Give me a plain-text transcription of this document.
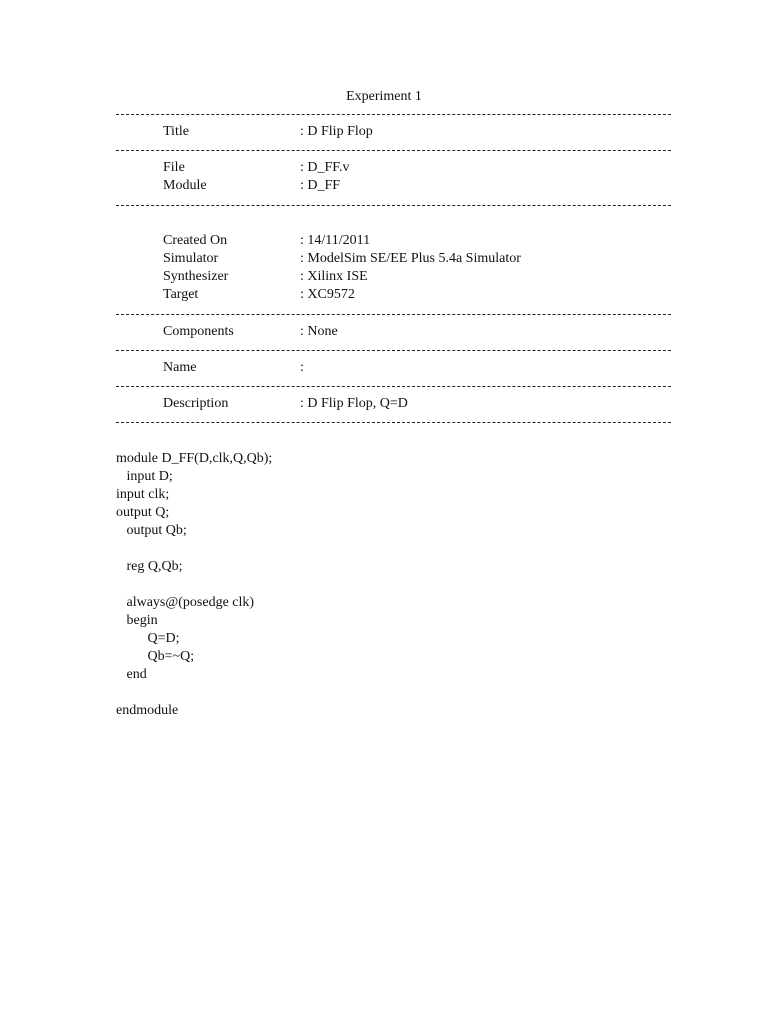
Experiment 1
Title	: D Flip Flop
File	: D_FF.v
Module	: D_FF
Created On	: 14/11/2011
Simulator	: ModelSim SE/EE Plus 5.4a Simulator
Synthesizer	: Xilinx ISE
Target	: XC9572
Components	: None
Name	:
Description	: D Flip Flop, Q=D
module D_FF(D,clk,Q,Qb);
input D;
input clk;
output Q;
output Qb;
reg Q,Qb;
always@(posedge clk)
begin
Q=D;
Qb=~Q;
end
endmodule
